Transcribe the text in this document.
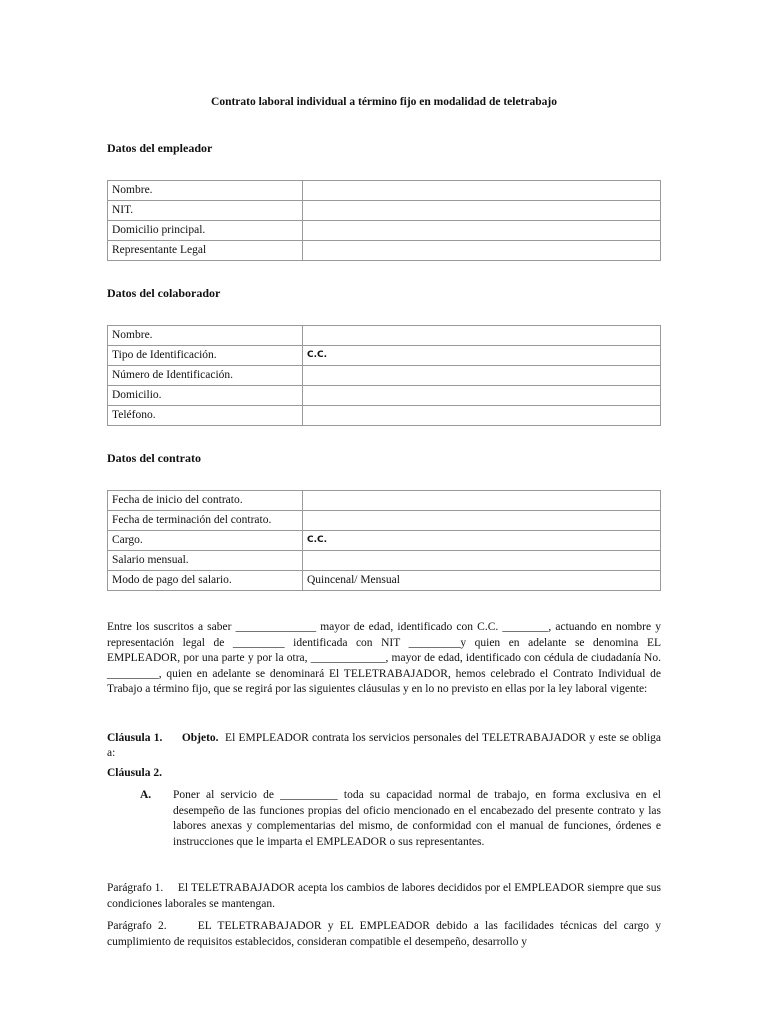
Contrato laboral individual a término fijo en modalidad de teletrabajo
Datos del empleador
Nombre.	
NIT.	
Domicilio principal.	
Representante Legal	
Datos del colaborador
Nombre.	
Tipo de Identificación.	C.C.
Número de Identificación.	
Domicilio.	
Teléfono.	
Datos del contrato
Fecha de inicio del contrato.	
Fecha de terminación del contrato.	
Cargo.	C.C.
Salario mensual.	
Modo de pago del salario.	Quincenal/ Mensual
Entre los suscritos a saber ______________ mayor de edad, identificado con C.C. ________, actuando en nombre y representación legal de _________ identificada con NIT _________y quien en adelante se denomina EL EMPLEADOR, por una parte y por la otra, _____________, mayor de edad, identificado con cédula de ciudadanía No. _________, quien en adelante se denominará El TELETRABAJADOR, hemos celebrado el Contrato Individual de Trabajo a término fijo, que se regirá por las siguientes cláusulas y en lo no previsto en ellas por la ley laboral vigente:
Cláusula 1. Objeto. El EMPLEADOR contrata los servicios personales del TELETRABAJADOR y este se obliga a:
Cláusula 2.
A. Poner al servicio de __________ toda su capacidad normal de trabajo, en forma exclusiva en el desempeño de las funciones propias del oficio mencionado en el encabezado del presente contrato y las labores anexas y complementarias del mismo, de conformidad con el manual de funciones, órdenes e instrucciones que le imparta el EMPLEADOR o sus representantes.
Parágrafo 1.     El TELETRABAJADOR acepta los cambios de labores decididos por el EMPLEADOR siempre que sus condiciones laborales se mantengan.
Parágrafo 2.     EL TELETRABAJADOR y EL EMPLEADOR debido a las facilidades técnicas del cargo y cumplimiento de requisitos establecidos, consideran compatible el desempeño, desarrollo y
